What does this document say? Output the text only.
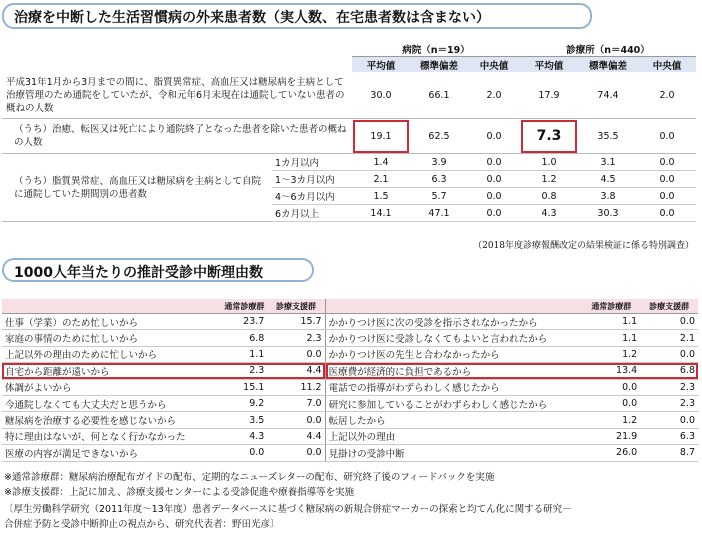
治療を中断した生活習慣病の外来患者数（実人数、在宅患者数は含まない）
		病院（n＝19）			診療所（n＝440）		
		平均値	標準偏差	中央値	平均値	標準偏差	中央値
平成31年1月から3月までの間に、脂質異常症、高血圧又は糖尿病を主病として治療管理のため通院をしていたが、令和元年6月末現在は通院していない患者の概ねの人数		30.0	66.1	2.0	17.9	74.4	2.0
（うち）治癒、転医又は死亡により通院終了となった患者を除いた患者の概ねの人数		19.1	62.5	0.0	7.3	35.5	0.0
（うち）脂質異常症、高血圧又は糖尿病を主病として自院に通院していた期間別の患者数	1カ月以内	1.4	3.9	0.0	1.0	3.1	0.0
	1～3カ月以内	2.1	6.3	0.0	1.2	4.5	0.0
	4～6カ月以内	1.5	5.7	0.0	0.8	3.8	0.0
	6カ月以上	14.1	47.1	0.0	4.3	30.3	0.0
（2018年度診療報酬改定の結果検証に係る特別調査）
1000人年当たりの推計受診中断理由数
	通常診療群	診療支援群		通常診療群	診療支援群
仕事（学業）のため忙しいから	23.7	15.7	かかりつけ医に次の受診を指示されなかったから	1.1	0.0
家庭の事情のために忙しいから	6.8	2.3	かかりつけ医に受診しなくてもよいと言われたから	1.1	2.1
上記以外の理由のために忙しいから	1.1	0.0	かかりつけ医の先生と合わなかったから	1.2	0.0
自宅から距離が遠いから	2.3	4.4	医療費が経済的に負担であるから	13.4	6.8
体調がよいから	15.1	11.2	電話での指導がわずらわしく感じたから	0.0	2.3
今通院しなくても大丈夫だと思うから	9.2	7.0	研究に参加していることがわずらわしく感じたから	0.0	2.3
糖尿病を治療する必要性を感じないから	3.5	0.0	転居したから	1.2	0.0
特に理由はないが、何となく行かなかった	4.3	4.4	上記以外の理由	21.9	6.3
医療の内容が満足できないから	0.0	0.0	見掛けの受診中断	26.0	8.7
※通常診療群：糖尿病治療配布ガイドの配布、定期的なニューズレターの配布、研究終了後のフィードバックを実施
※診療支援群：上記に加え、診療支援センターによる受診促進や療養指導等を実施
〔厚生労働科学研究（2011年度～13年度）患者データベースに基づく糖尿病の新規合併症マーカーの探索と均てん化に関する研究－
合併症予防と受診中断抑止の視点から、研究代表者：野田光彦〕
